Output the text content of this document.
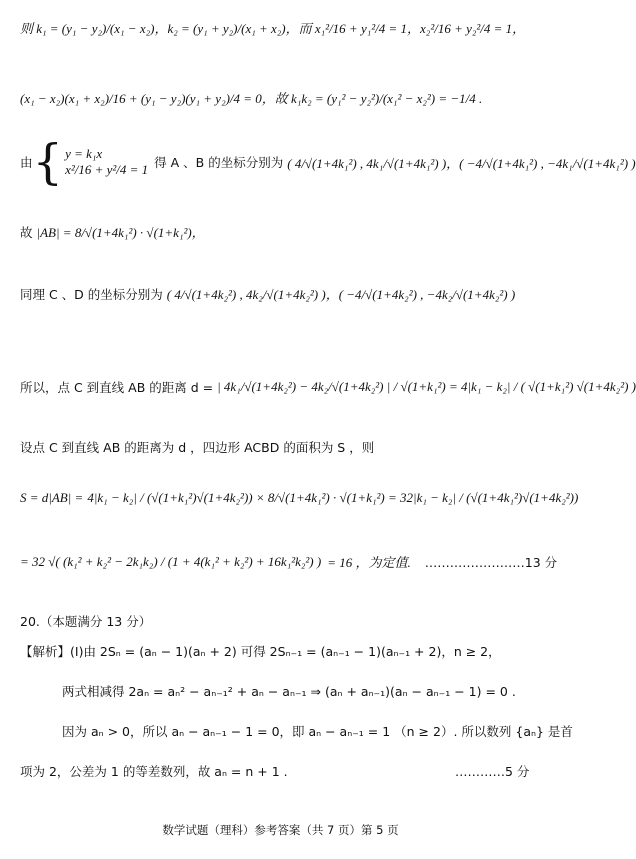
则 k₁ = (y₁ − y₂)/(x₁ − x₂)，k₂ = (y₁ + y₂)/(x₁ + x₂)，而 x₁²/16 + y₁²/4 = 1，x₂²/16 + y₂²/4 = 1，
(x₁ − x₂)(x₁ + x₂)/16 + (y₁ − y₂)(y₁ + y₂)/4 = 0，故 k₁k₂ = (y₁² − y₂²)/(x₁² − x₂²) = −1/4 .
由 { y = k₁x
x²/16 + y²/4 = 1 得 A 、B 的坐标分别为 ( 4/√(1+4k₁²) , 4k₁/√(1+4k₁²) )，( −4/√(1+4k₁²) , −4k₁/√(1+4k₁²) )
故 |AB| = 8/√(1+4k₁²) · √(1+k₁²)，
同理 C 、D 的坐标分别为 ( 4/√(1+4k₂²) , 4k₂/√(1+4k₂²) )，( −4/√(1+4k₂²) , −4k₂/√(1+4k₂²) )
所以，点 C 到直线 AB 的距离 d = | 4k₁/√(1+4k₂²) − 4k₂/√(1+4k₂²) | / √(1+k₁²) = 4|k₁ − k₂| / ( √(1+k₁²) √(1+4k₂²) )
设点 C 到直线 AB 的距离为 d ，四边形 ACBD 的面积为 S ，则
S = d|AB| = 4|k₁ − k₂| / (√(1+k₁²)√(1+4k₂²)) × 8/√(1+4k₁²) · √(1+k₁²) = 32|k₁ − k₂| / (√(1+4k₁²)√(1+4k₂²))
= 32 √( (k₁² + k₂² − 2k₁k₂) / (1 + 4(k₁² + k₂²) + 16k₁²k₂²) ) = 16 ，为定值. ……………………13 分
20.（本题满分 13 分）
【解析】(Ⅰ)由 2Sₙ = (aₙ − 1)(aₙ + 2) 可得 2Sₙ₋₁ = (aₙ₋₁ − 1)(aₙ₋₁ + 2)，n ≥ 2，
两式相减得 2aₙ = aₙ² − aₙ₋₁² + aₙ − aₙ₋₁ ⇒ (aₙ + aₙ₋₁)(aₙ − aₙ₋₁ − 1) = 0 .
因为 aₙ > 0，所以 aₙ − aₙ₋₁ − 1 = 0，即 aₙ − aₙ₋₁ = 1 （n ≥ 2）. 所以数列 {aₙ} 是首
项为 2，公差为 1 的等差数列，故 aₙ = n + 1 .	…………5 分
数学试题（理科）参考答案（共 7 页）第 5 页
